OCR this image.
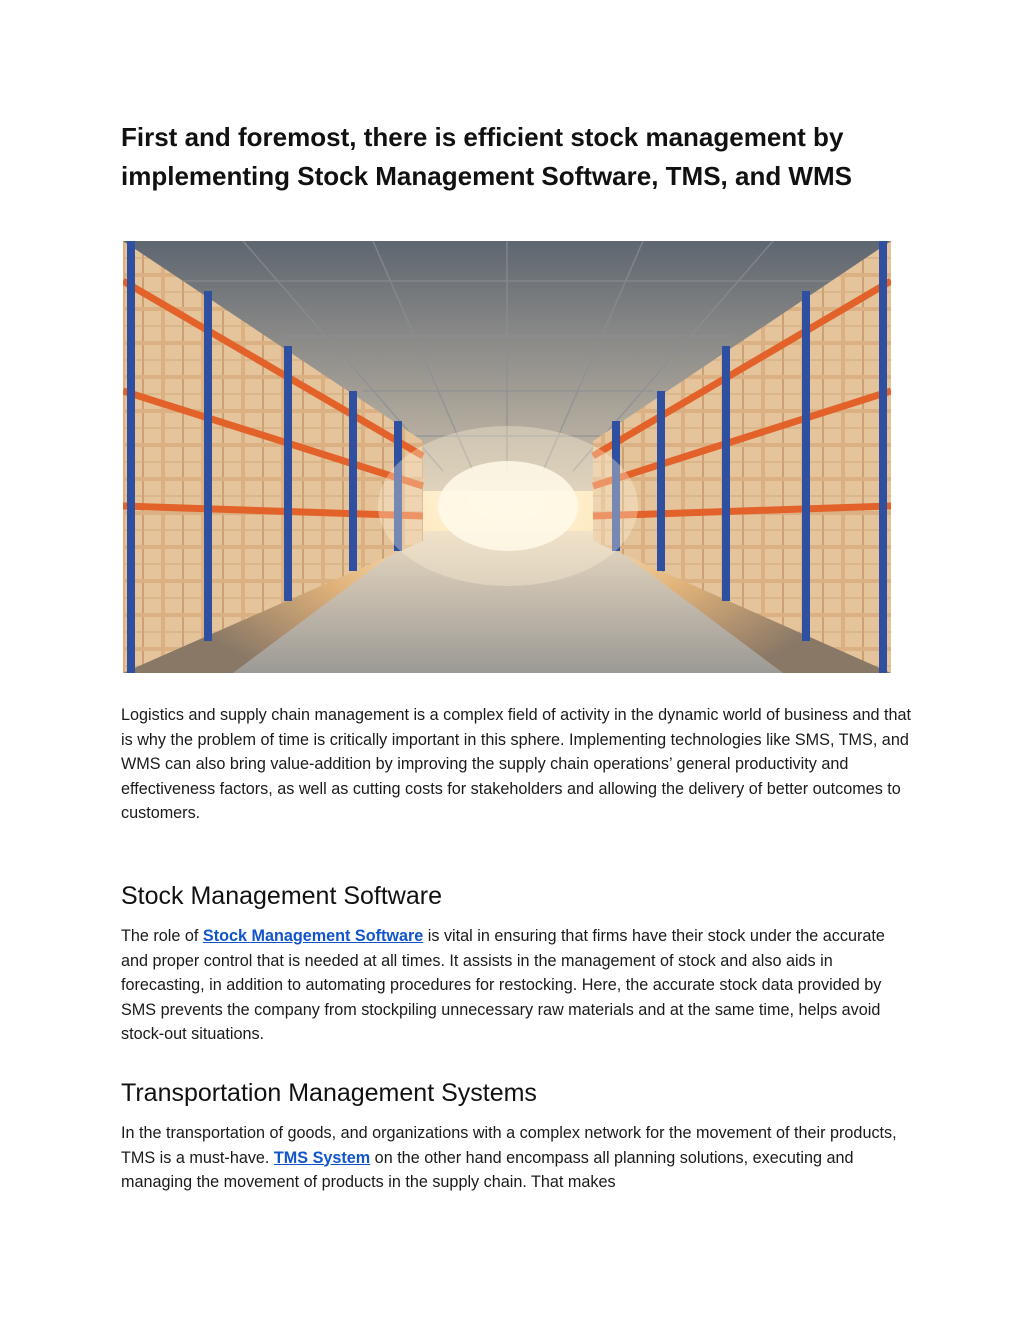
First and foremost, there is efficient stock management by implementing Stock Management Software, TMS, and WMS

Logistics and supply chain management is a complex field of activity in the dynamic world of business and that is why the problem of time is critically important in this sphere. Implementing technologies like SMS, TMS, and WMS can also bring value-addition by improving the supply chain operations’ general productivity and effectiveness factors, as well as cutting costs for stakeholders and allowing the delivery of better outcomes to customers.

Stock Management Software

The role of Stock Management Software is vital in ensuring that firms have their stock under the accurate and proper control that is needed at all times. It assists in the management of stock and also aids in forecasting, in addition to automating procedures for restocking. Here, the accurate stock data provided by SMS prevents the company from stockpiling unnecessary raw materials and at the same time, helps avoid stock-out situations.

Transportation Management Systems

In the transportation of goods, and organizations with a complex network for the movement of their products, TMS is a must-have. TMS System on the other hand encompass all planning solutions, executing and managing the movement of products in the supply chain. That makes
